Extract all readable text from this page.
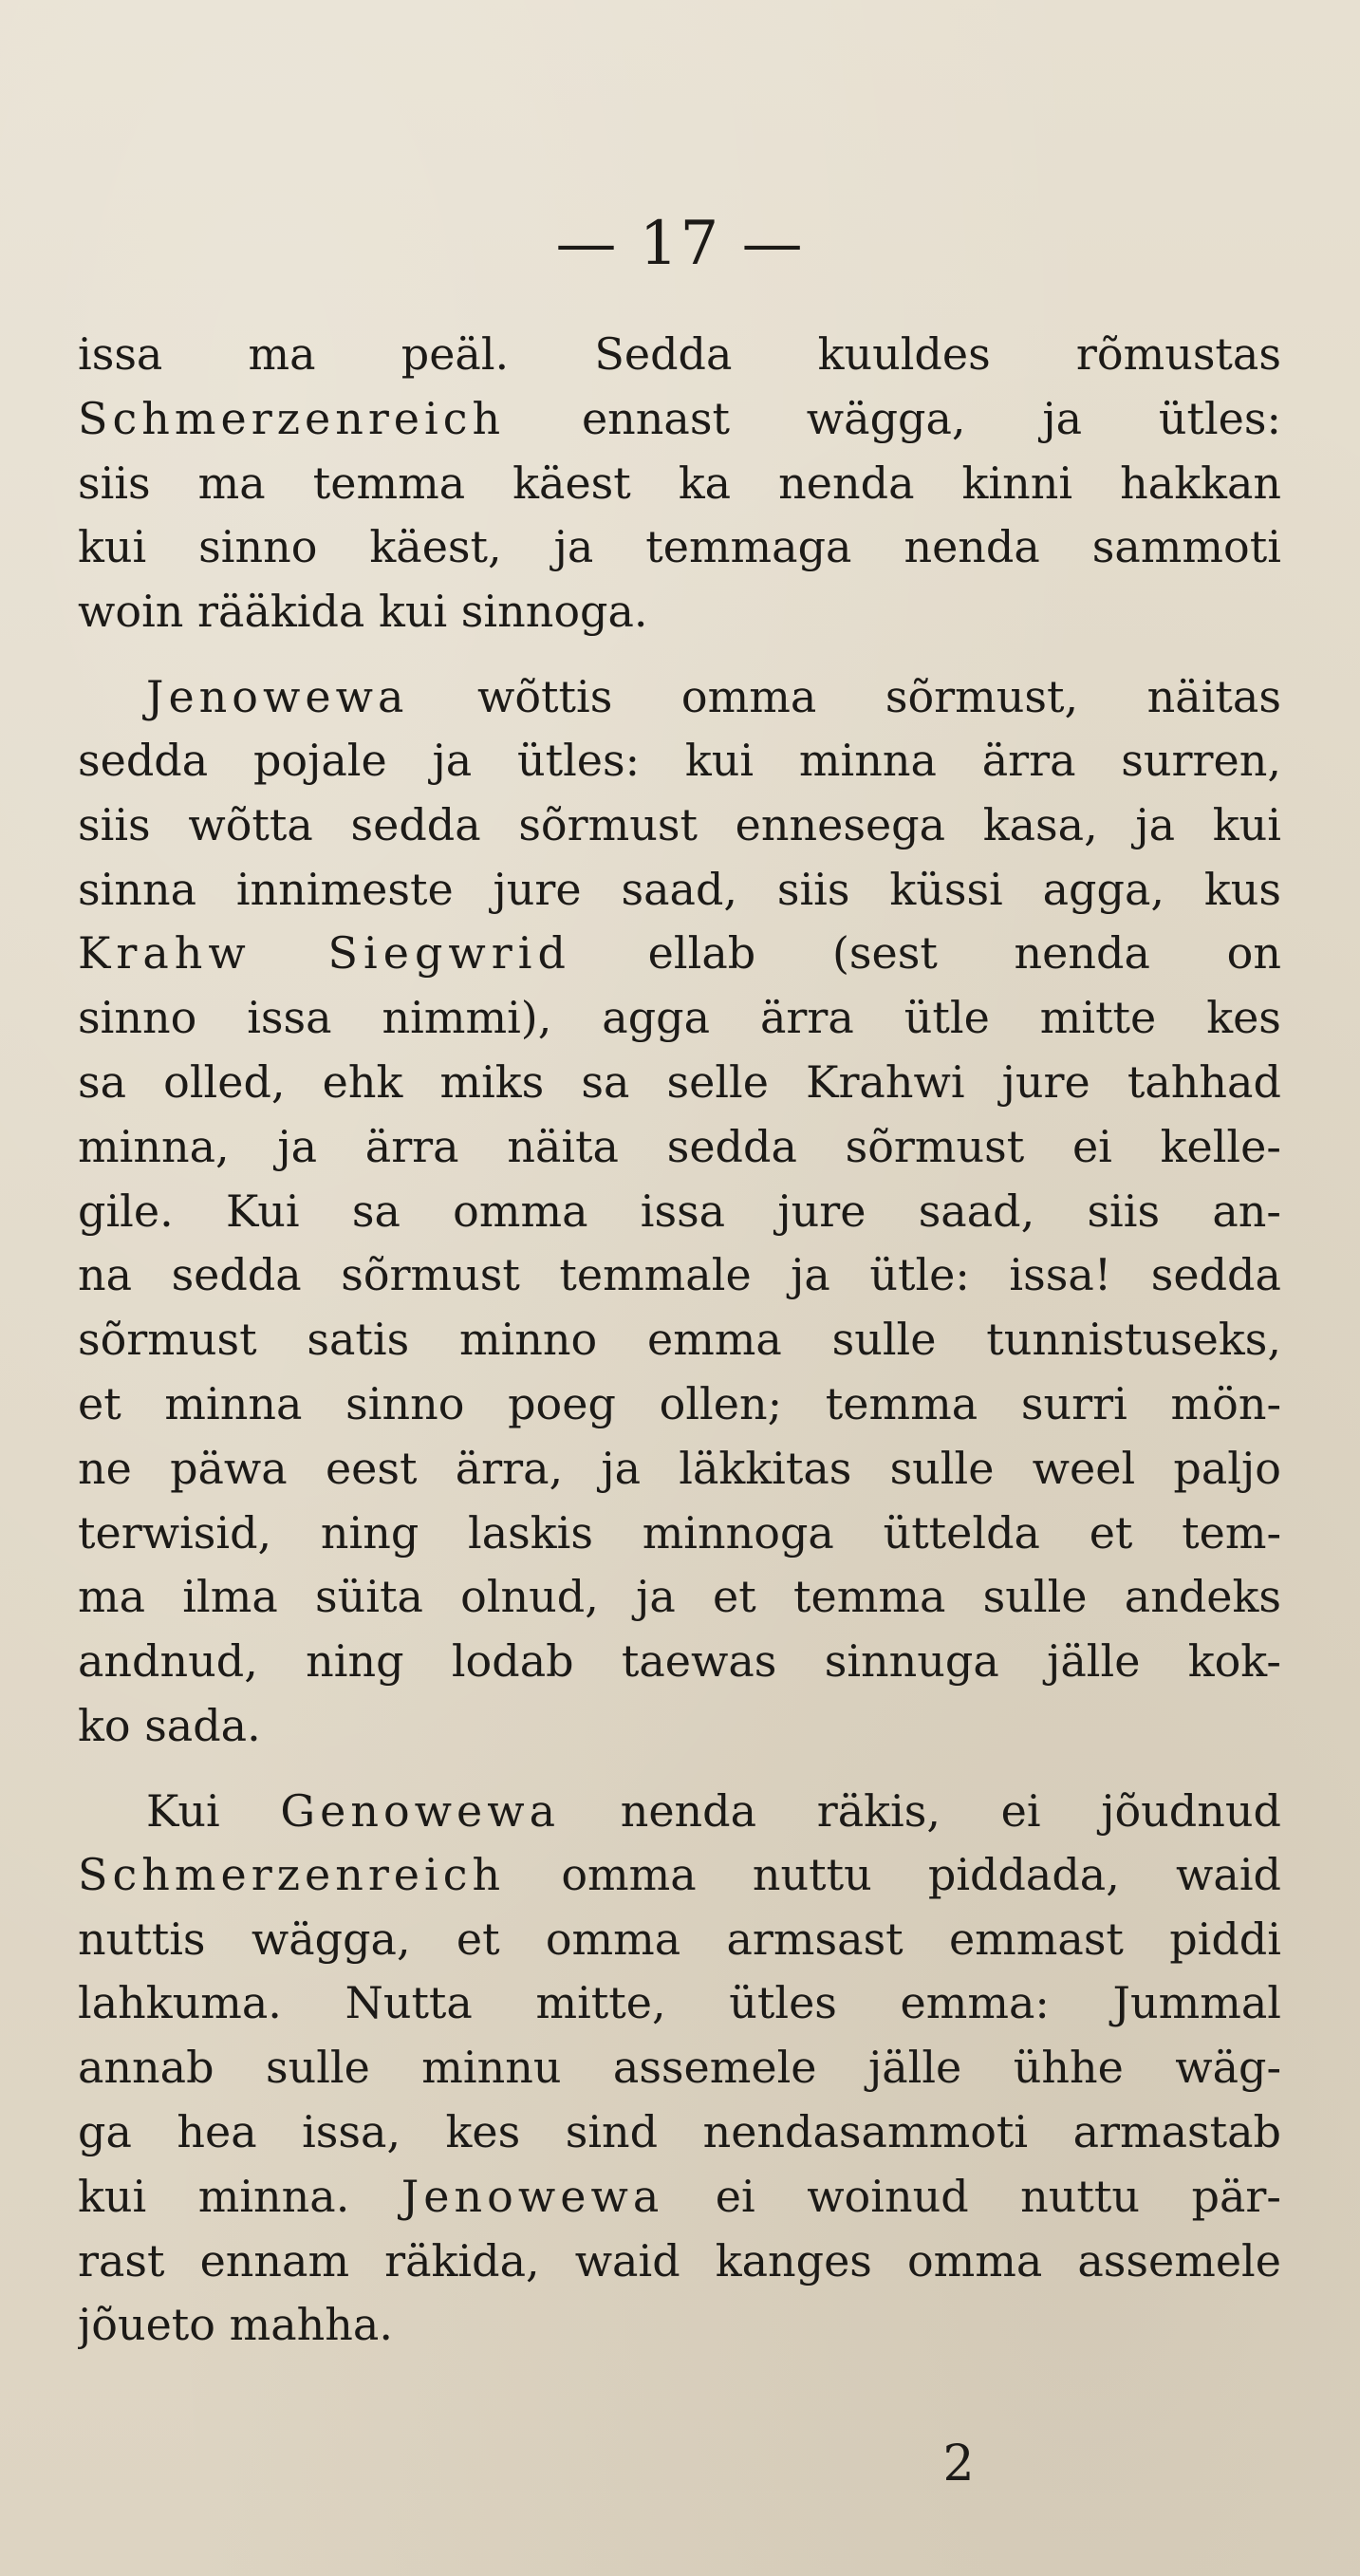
— 17 —
issa ma peäl. Sedda kuuldes rõmustas
Schmerzenreich ennast wägga, ja ütles:
siis ma temma käest ka nenda kinni hakkan
kui sinno käest, ja temmaga nenda sammoti
woin
rääkida
kui
sinnoga.
Jenowewa wõttis omma sõrmust, näitas
sedda pojale ja ütles: kui minna ärra surren,
siis wõtta sedda sõrmust ennesega kasa, ja kui
sinna innimeste jure saad, siis küssi agga, kus
Krahw Siegwrid ellab (sest nenda on
sinno issa nimmi), agga ärra ütle mitte kes
sa olled, ehk miks sa selle Krahwi jure tahhad
minna, ja ärra näita sedda sõrmust ei kelle-
gile. Kui sa omma issa jure saad, siis an-
na sedda sõrmust temmale ja ütle: issa! sedda
sõrmust satis minno emma sulle tunnistuseks,
et minna sinno poeg ollen; temma surri mön-
ne päwa eest ärra, ja läkkitas sulle weel paljo
terwisid, ning laskis minnoga ütteldа et tem-
ma ilma süita olnud, ja et temma sulle andeks
andnud, ning lodab taewas sinnuga jälle kok-
ko
sada.
Kui Genowewa nenda räkis, ei jõudnud
Schmerzenreich omma nuttu piddada, waid
nuttis wägga, et omma armsast emmast piddi
lahkuma. Nutta mitte, ütles emma: Jummal
annab sulle minnu assemele jälle ühhe wäg-
ga hea issa, kes sind nendasammoti armastab
kui minna. Jenowewa ei woinud nuttu pär-
rast ennam räkida, waid kanges omma assemele
jõueto
mahha.
2
